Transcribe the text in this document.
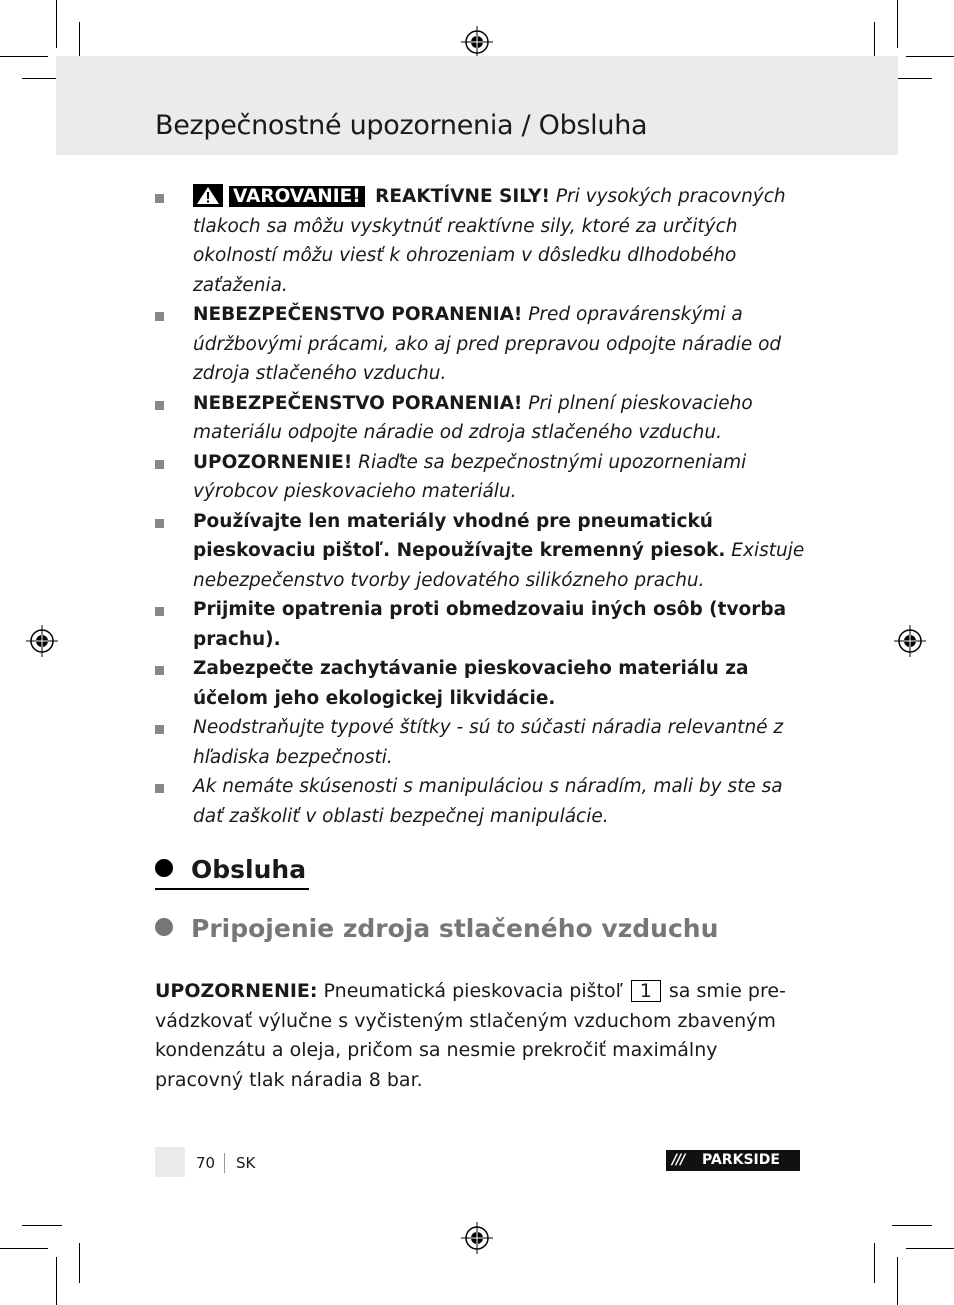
Bezpečnostné upozornenia / Obsluha
VAROVANIE! REAKTÍVNE SILY! Pri vysokých pracovných tlakoch sa môžu vyskytnúť reaktívne sily, ktoré za určitých okolností môžu viesť k ohrozeniam v dôsledku dlhodobého zaťaženia.
NEBEZPEČENSTVO PORANENIA! Pred opravárenskými a údržbovými prácami, ako aj pred prepravou odpojte náradie od zdroja stlačeného vzduchu.
NEBEZPEČENSTVO PORANENIA! Pri plnení pieskovacieho materiálu odpojte náradie od zdroja stlačeného vzduchu.
UPOZORNENIE! Riaďte sa bezpečnostnými upozorneniami výrobcov pieskovacieho materiálu.
Používajte len materiály vhodné pre pneumatickú pieskovaciu pištoľ. Nepoužívajte kremenný piesok. Existuje nebezpečenstvo tvorby jedovatého silikózneho prachu.
Prijmite opatrenia proti obmedzovaiu iných osôb (tvorba prachu).
Zabezpečte zachytávanie pieskovacieho materiálu za účelom jeho ekologickej likvidácie.
Neodstraňujte typové štítky - sú to súčasti náradia relevantné z hľadiska bezpečnosti.
Ak nemáte skúsenosti s manipuláciou s náradím, mali by ste sa dať zaškoliť v oblasti bezpečnej manipulácie.
Obsluha
Pripojenie zdroja stlačeného vzduchu
UPOZORNENIE: Pneumatická pieskovacia pištoľ 1 sa smie prevádzkovať výlučne s vyčisteným stlačeným vzduchom zbaveným kondenzátu a oleja, pričom sa nesmie prekročiť maximálny pracovný tlak náradia 8 bar.
70 SK	/// PARKSIDE
